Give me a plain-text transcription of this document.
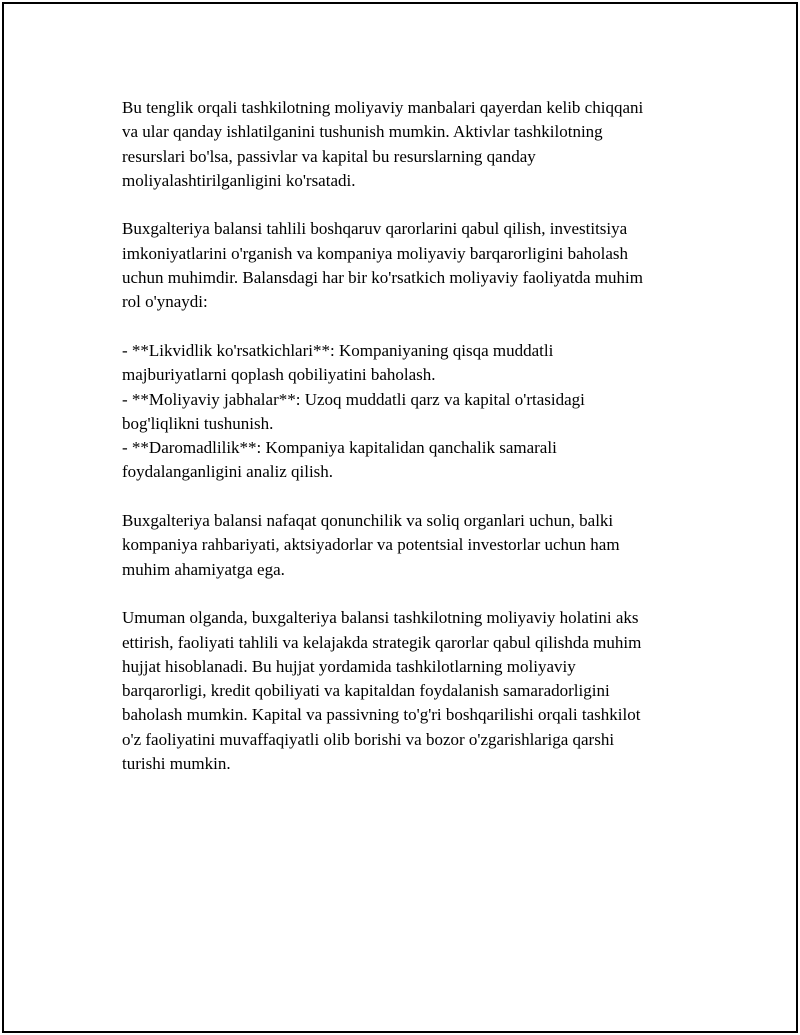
Bu tenglik orqali tashkilotning moliyaviy manbalari qayerdan kelib chiqqani
va ular qanday ishlatilganini tushunish mumkin. Aktivlar tashkilotning
resurslari bo'lsa, passivlar va kapital bu resurslarning qanday
moliyalashtirilganligini ko'rsatadi.

Buxgalteriya balansi tahlili boshqaruv qarorlarini qabul qilish, investitsiya
imkoniyatlarini o'rganish va kompaniya moliyaviy barqarorligini baholash
uchun muhimdir. Balansdagi har bir ko'rsatkich moliyaviy faoliyatda muhim
rol o'ynaydi:

- **Likvidlik ko'rsatkichlari**: Kompaniyaning qisqa muddatli
majburiyatlarni qoplash qobiliyatini baholash.
- **Moliyaviy jabhalar**: Uzoq muddatli qarz va kapital o'rtasidagi
bog'liqlikni tushunish.
- **Daromadlilik**: Kompaniya kapitalidan qanchalik samarali
foydalanganligini analiz qilish.

Buxgalteriya balansi nafaqat qonunchilik va soliq organlari uchun, balki
kompaniya rahbariyati, aktsiyadorlar va potentsial investorlar uchun ham
muhim ahamiyatga ega.

Umuman olganda, buxgalteriya balansi tashkilotning moliyaviy holatini aks
ettirish, faoliyati tahlili va kelajakda strategik qarorlar qabul qilishda muhim
hujjat hisoblanadi. Bu hujjat yordamida tashkilotlarning moliyaviy
barqarorligi, kredit qobiliyati va kapitaldan foydalanish samaradorligini
baholash mumkin. Kapital va passivning to'g'ri boshqarilishi orqali tashkilot
o'z faoliyatini muvaffaqiyatli olib borishi va bozor o'zgarishlariga qarshi
turishi mumkin.
